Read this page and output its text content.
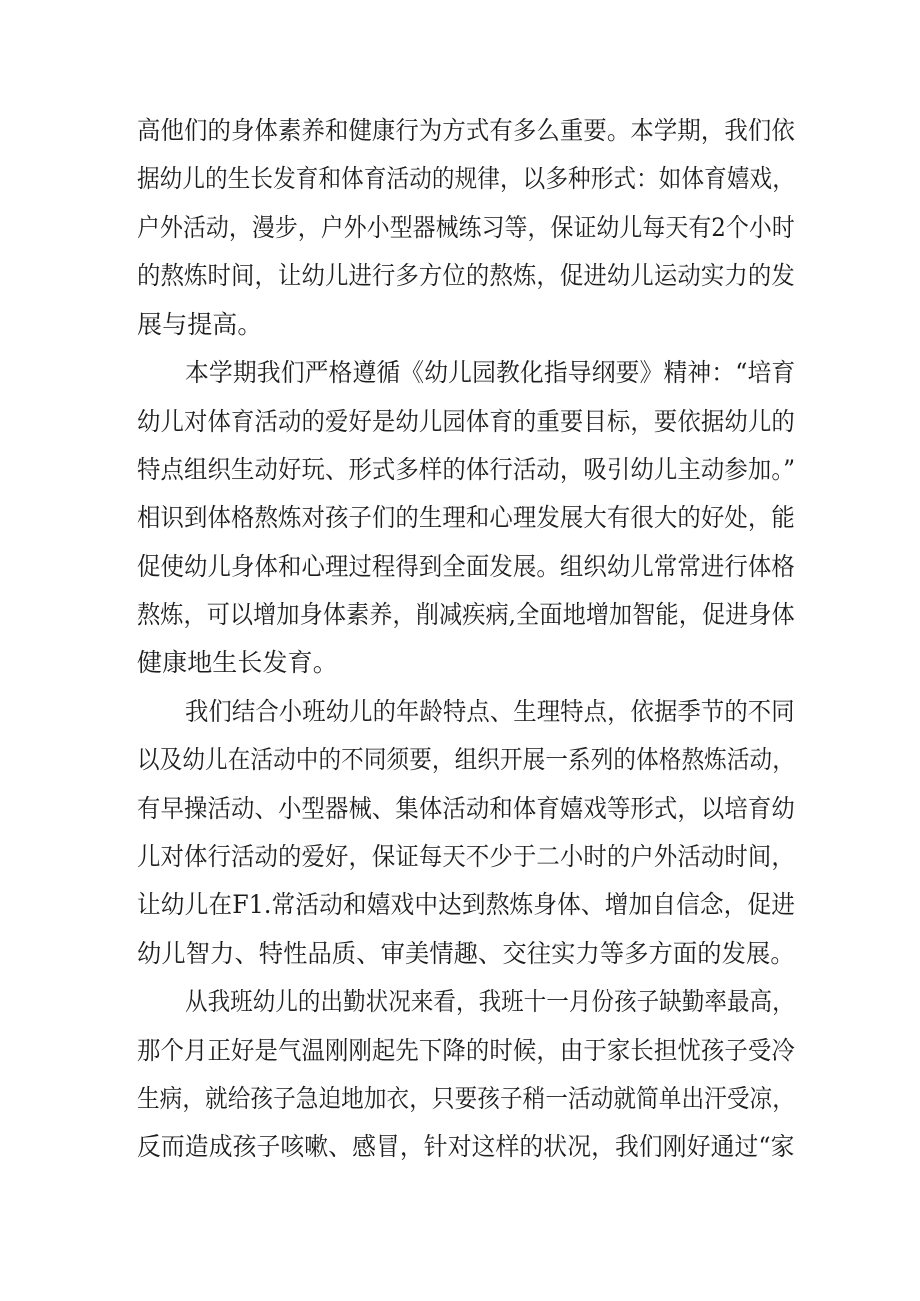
高他们的身体素养和健康行为方式有多么重要。本学期，我们依

据幼儿的生长发育和体育活动的规律，以多种形式：如体育嬉戏，

户外活动，漫步，户外小型器械练习等，保证幼儿每天有2个小时

的熬炼时间，让幼儿进行多方位的熬炼，促进幼儿运动实力的发

展与提高。

本学期我们严格遵循《幼儿园教化指导纲要》精神：“培育

幼儿对体育活动的爱好是幼儿园体育的重要目标，要依据幼儿的

特点组织生动好玩、形式多样的体行活动，吸引幼儿主动参加。”

相识到体格熬炼对孩子们的生理和心理发展大有很大的好处，能

促使幼儿身体和心理过程得到全面发展。组织幼儿常常进行体格

熬炼，可以增加身体素养，削减疾病,全面地增加智能，促进身体

健康地生长发育。

我们结合小班幼儿的年龄特点、生理特点，依据季节的不同

以及幼儿在活动中的不同须要，组织开展一系列的体格熬炼活动，

有早操活动、小型器械、集体活动和体育嬉戏等形式，以培育幼

儿对体行活动的爱好，保证每天不少于二小时的户外活动时间，

让幼儿在F1.常活动和嬉戏中达到熬炼身体、增加自信念，促进

幼儿智力、特性品质、审美情趣、交往实力等多方面的发展。

从我班幼儿的出勤状况来看，我班十一月份孩子缺勤率最高，

那个月正好是气温刚刚起先下降的时候，由于家长担忧孩子受冷

生病，就给孩子急迫地加衣，只要孩子稍一活动就简单出汗受凉，

反而造成孩子咳嗽、感冒，针对这样的状况，我们刚好通过“家
